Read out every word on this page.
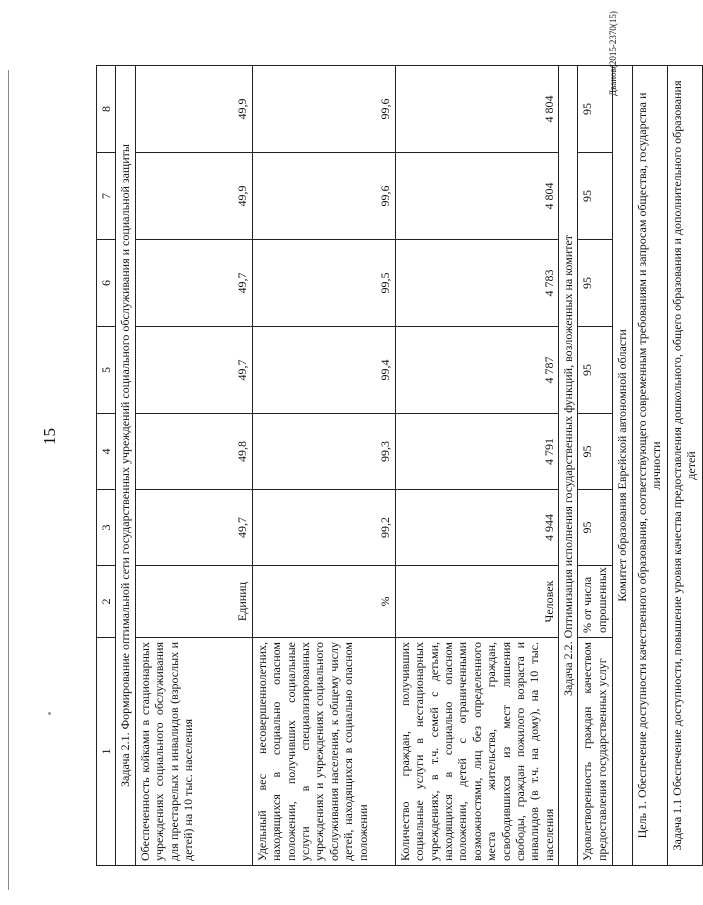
15
Дванов(2015-2370(15)
1	2	3	4	5	6	7	8
Задача 2.1. Формирование оптимальной сети государственных учреждений социального обслуживания и социальной защиты							
Обеспеченность койками в стационарных учреждениях социального обслуживания для престарелых и инвалидов (взрослых и детей) на 10 тыс. населения	Единиц	49,7	49,8	49,7	49,7	49,9	49,9
Удельный вес несовершеннолетних, находящихся в социально опасном положении, получивших социальные услуги в специализированных учреждениях и учреждениях социального обслуживания населения, к общему числу детей, находящихся в социально опасном положении	%	99,2	99,3	99,4	99,5	99,6	99,6
Количество граждан, получивших социальные услуги в нестационарных учреждениях, в т.ч. семей с детьми, находящихся в социально опасном положении, детей с ограниченными возможностями, лиц без определенного места жительства, граждан, освободившихся из мест лишения свободы, граждан пожилого возраста и инвалидов (в т.ч. на дому), на 10 тыс. населения	Человек	4 944	4 791	4 787	4 783	4 804	4 804
Задача 2.2. Оптимизация исполнения государственных функций, возложенных на комитет							
Удовлетворенность граждан качеством предоставления государственных услуг	% от числа опрошенных	95	95	95	95	95	95
Комитет образования Еврейской автономной области							
Цель 1. Обеспечение доступности качественного образования, соответствующего современным требованиям и запросам общества, государства и личности							
Задача 1.1 Обеспечение доступности, повышение уровня качества предоставления дошкольного, общего образования и дополнительного образования детей							
